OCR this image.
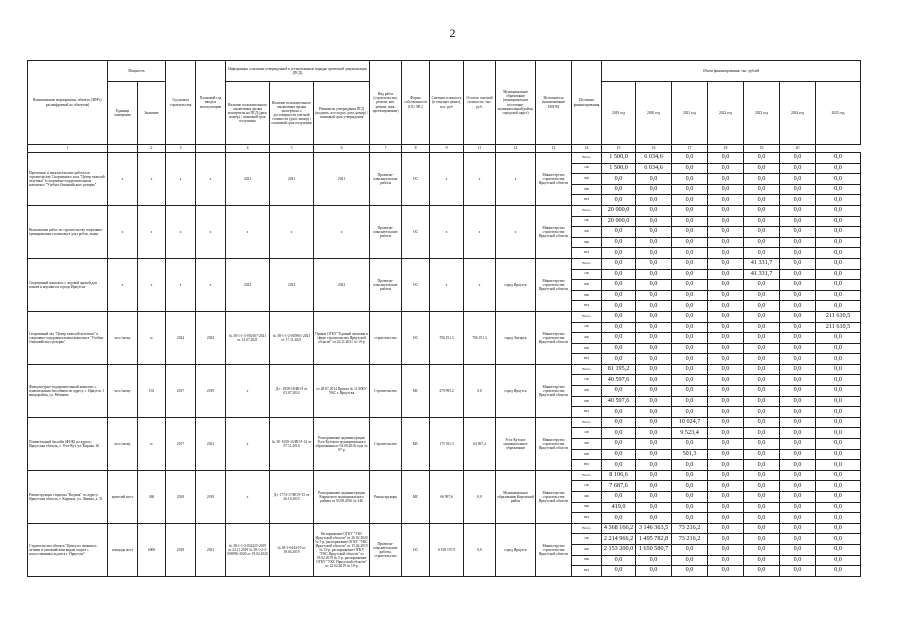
2
Наименование мероприятия, объекта, ПИР (с расшифровкой по объектам)	Мощность		Год начала строительства	Плановый год ввода в эксплуатацию	Информация о наличии утвержденной в установленном порядке проектной документации (ПСД)			Вид работ (строительство, ремонт, кап. ремонт, инж. проектирование)	Форма собственности (ОС/ МС)	Сметная стоимость (в текущих ценах), тыс. руб.	Остаток сметной стоимости, тыс. руб.	Муниципальное образование (муниципальное поселение, муниципальный район, городской округ)	Исполнитель (наименование ИОГВ)	Источник финансирования	Объем финансирования, тыс. рублей						
	Единица измерения	Значение			Наличие положительного заключения органа экспертизы на ПСД (дата, номер) / плановый срок получения	Наличие положительного заключения органа экспертизы о достоверности сметной стоимости (дата, номер) / плановый срок получения	Реквизиты утверждения ПСД (подпись, кто подал, дата, номер) / плановый срок утверждения								2019 год	2020 год	2021 год	2022 год	2023 год	2024 год	2025 год
1		2	3		4	5	6	7	8	9	11	12	13	14	15	16	17	18	19	20	
Проектные и изыскательские работы по строительству Спортивного зала "Центр тяжелой атлетики" в спортивно-оздоровительном комплексе "Учебно-Олимпийского резерва"	х	х	х	х	2021	2021	2021	Проектно-изыскательские работы	ОС	х	х	х	Министерство строительства Иркутской области	Всего	1 500,0	6 034,6	0,0	0,0	0,0	0,0	0,0
														ОБ	1 500,0	6 034,6	0,0	0,0	0,0	0,0	0,0
														ФБ	0,0	0,0	0,0	0,0	0,0	0,0	0,0
														МБ	0,0	0,0	0,0	0,0	0,0	0,0	0,0
														ВИ	0,0	0,0	0,0	0,0	0,0	0,0	0,0
Выполнение работ по строительству спортивно-тренировочного комплекса для гребли, лыжи	х	х	х	х	х	х	х	Проектно-изыскательские работы	ОС	х	х	х	Министерство строительства Иркутской области	Всего	20 000,0	0,0	0,0	0,0	0,0	0,0	0,0
														ОБ	20 000,0	0,0	0,0	0,0	0,0	0,0	0,0
														ФБ	0,0	0,0	0,0	0,0	0,0	0,0	0,0
														МБ	0,0	0,0	0,0	0,0	0,0	0,0	0,0
														ВИ	0,0	0,0	0,0	0,0	0,0	0,0	0,0
Спортивный комплекс с ледовой ареной для хоккея и керлинга в городе Иркутске	х	х	х	х	2023	2023	2023	Проектно-изыскательские работы	ОС	х	х	город Иркутск	Министерство строительства Иркутской области	Всего	0,0	0,0	0,0	0,0	41 331,7	0,0	0,0
														ОБ	0,0	0,0	0,0	0,0	41 331,7	0,0	0,0
														ФБ	0,0	0,0	0,0	0,0	0,0	0,0	0,0
														МБ	0,0	0,0	0,0	0,0	0,0	0,0	0,0
														ВИ	0,0	0,0	0,0	0,0	0,0	0,0	0,0
Спортивный зал "Центр тяжелой атлетики" в спортивно-оздоровительном комплексе "Учебно-Олимпийского резерва"	чел./смену	н	2024	2025	№ 38-1-1-3-030167-2021 от 14.07.2021	№ 38-1-1-2-045901-2021 от 17.11.2021	Приказ ОГКУ "Единый заказчик в сфере строительства Иркутской области" от 22.11.2021 № 19-р	строительство	ОС	706 191,3	706 191,3	город Ангарск	Министерство строительства Иркутской области	Всего	0,0	0,0	0,0	0,0	0,0	0,0	211 610,5
														ОБ	0,0	0,0	0,0	0,0	0,0	0,0	211 610,5
														ФБ	0,0	0,0	0,0	0,0	0,0	0,0	0,0
														МБ	0,0	0,0	0,0	0,0	0,0	0,0	0,0
														ВИ	0,0	0,0	0,0	0,0	0,0	0,0	0,0
Физкультурно-оздоровительный комплекс с плавательным бассейном по адресу: г. Иркутск, 1 микрорайон, ул. Рябикова	чел./смену	192	2017	2019	х	Дз - 1858-18/ИОЭ от 03.07.2014	от 28.07.2014 Приказ № 11 МКУ УКС г. Иркутска	Строительство	МС	279 995,2	0,0	город Иркутск	Министерство строительства Иркутской области	Всего	81 195,2	0,0	0,0	0,0	0,0	0,0	0,0
														ОБ	40 597,6	0,0	0,0	0,0	0,0	0,0	0,0
														ФБ	0,0	0,0	0,0	0,0	0,0	0,0	0,0
														МБ	40 597,6	0,0	0,0	0,0	0,0	0,0	0,0
														ВИ	0,0	0,0	0,0	0,0	0,0	0,0	0,0
Плавательный бассейн (ФОК) по адресу: Иркутская область, г. Усть-Кут, ул. Кирова, 26	чел./смену	н	2017	2021	х	№ 38 -1659-16/ИОЭ-14 от 07.11.2014	Распоряжение администрации Усть-Кутского муниципального образования от 03.08.2016 года № 97-р	Строительство	МС	175 911,3	64 697,4	Усть-Кутское муниципальное образование	Министерство строительства Иркутской области	Всего	0,0	0,0	10 024,7	0,0	0,0	0,0	0,0
														ОБ	0,0	0,0	9 523,4	0,0	0,0	0,0	0,0
														ФБ	0,0	0,0	0,0	0,0	0,0	0,0	0,0
														МБ	0,0	0,0	501,3	0,0	0,0	0,0	0,0
														ВИ	0,0	0,0	0,0	0,0	0,0	0,0	0,0
Реконструкция стадиона "Водник" по адресу: Иркутская область, г. Киренск, ул. Ленина, д. 31	зрителей мест	360	2018	2019	х	Дз -1774-17/ИОЭ-15 от 26.10.2015	Распоряжение администрации Киренского муниципального района от 03.08.2016 № 346	Реконструкция	МС	66 997,6	0,0	Муниципальное образование Киренский район	Министерство строительства Иркутской области	Всего	8 106,6	0,0	0,0	0,0	0,0	0,0	0,0
														ОБ	7 687,6	0,0	0,0	0,0	0,0	0,0	0,0
														ФБ	0,0	0,0	0,0	0,0	0,0	0,0	0,0
														МБ	419,0	0,0	0,0	0,0	0,0	0,0	0,0
														ВИ	0,0	0,0	0,0	0,0	0,0	0,0	0,0
Строительство объекта "Центр по зимним и летним и олимпийским видам спорта с искусственным льдом в г. Иркутске"	площадь мест	6000	2018	2021	№ 38-1-1-3-032225-2019 от 24.11.2019 № 38-1-2-3-006996-2020 от 19.02.2020	№ 38-1-0444-19 от 18.04.2019	Распоряжение ОГКУ "УКС Иркутской области" от 26.02.2020 № 5-р, распоряжение ОГКУ "УКС Иркутской области" от 15.04.2019 № 13-р, распоряжение ОГКУ "УКС Иркутской области" от 18.02.2019 № 5-р, распоряжение ОГКУ "УКС Иркутской области" от 22.02.2019 № 10-р	Проектно-изыскательские работы, строительство	ОС	6 359 197,9	0,0	город Иркутск	Министерство строительства Иркутской области	Всего	4 368 166,2	3 146 363,5	73 216,2	0,0	0,0	0,0	0,0
														ОБ	2 214 966,2	1 495 782,8	73 216,2	0,0	0,0	0,0	0,0
														ФБ	2 153 200,0	1 650 580,7	0,0	0,0	0,0	0,0	0,0
														МБ	0,0	0,0	0,0	0,0	0,0	0,0	0,0
														ВИ	0,0	0,0	0,0	0,0	0,0	0,0	0,0
